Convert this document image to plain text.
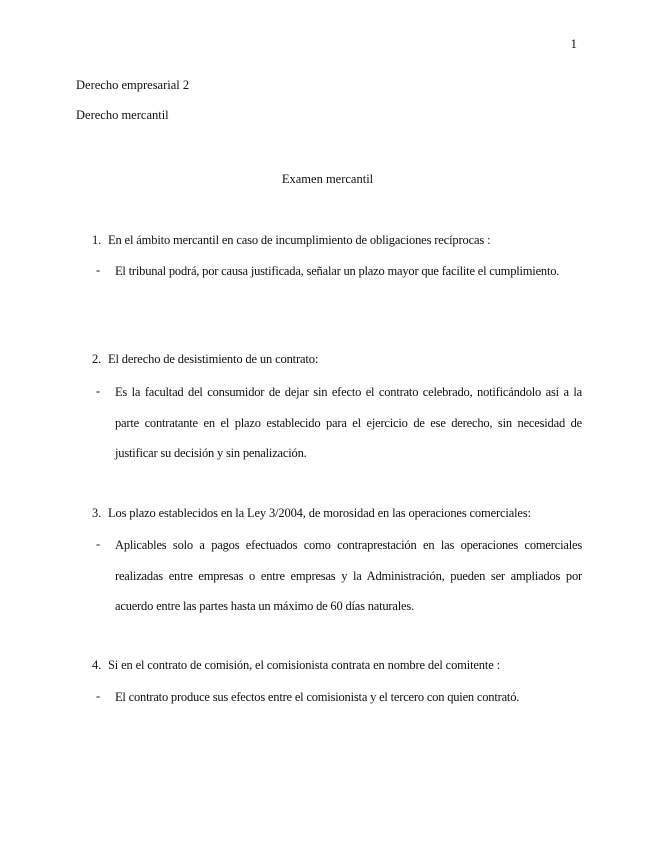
1
Derecho empresarial 2
Derecho mercantil
Examen mercantil
1. En el ámbito mercantil en caso de incumplimiento de obligaciones recíprocas :
- El tribunal podrá, por causa justificada, señalar un plazo mayor que facilite el cumplimiento.
2. El derecho de desistimiento de un contrato:
- Es la facultad del consumidor de dejar sin efecto el contrato celebrado, notificándolo así a la parte contratante en el plazo establecido para el ejercicio de ese derecho, sin necesidad de justificar su decisión y sin penalización.
3. Los plazo establecidos en la Ley 3/2004, de morosidad en las operaciones comerciales:
- Aplicables solo a pagos efectuados como contraprestación en las operaciones comerciales realizadas entre empresas o entre empresas y la Administración, pueden ser ampliados por acuerdo entre las partes hasta un máximo de 60 días naturales.
4. Si en el contrato de comisión, el comisionista contrata en nombre del comitente :
- El contrato produce sus efectos entre el comisionista y el tercero con quien contrató.
